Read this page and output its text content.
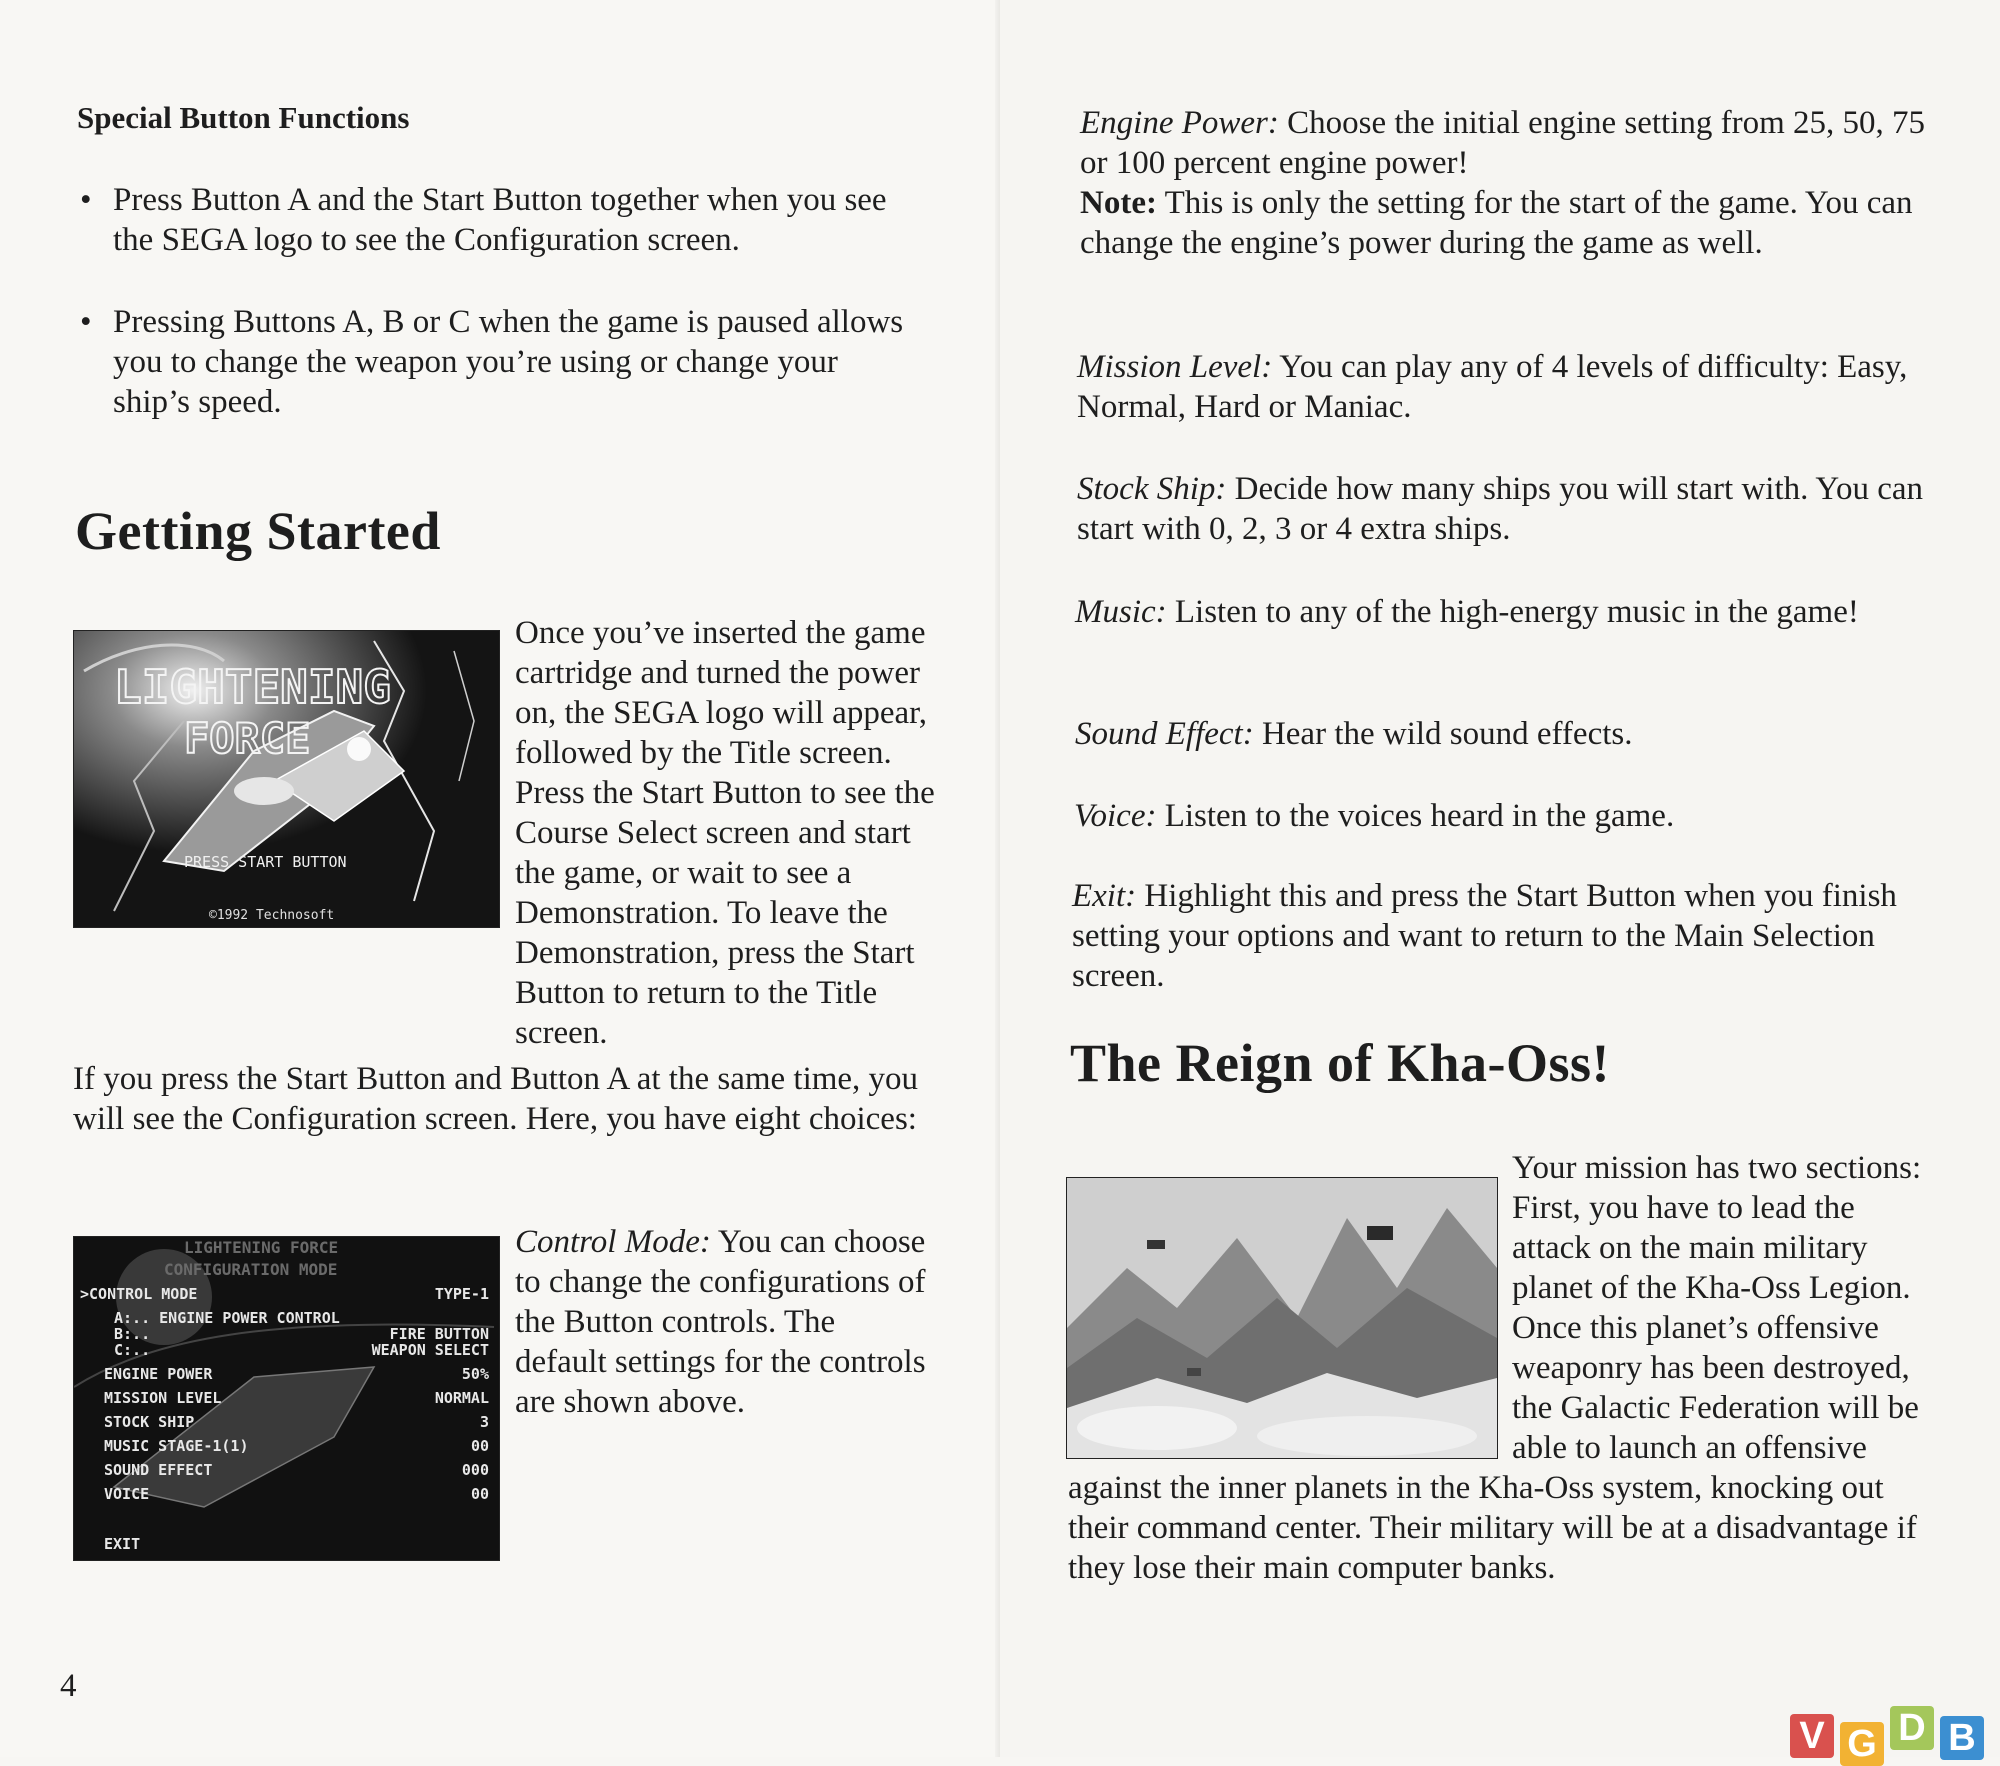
Special Button Functions

• Press Button A and the Start Button together when you see the SEGA logo to see the Configuration screen.
• Pressing Buttons A, B or C when the game is paused allows you to change the weapon you’re using or change your ship’s speed.
Getting Started
LIGHTENING
FORCE
PRESS START BUTTON
©1992 Technosoft

Once you’ve inserted the game cartridge and turned the power on, the SEGA logo will appear, followed by the Title screen. Press the Start Button to see the Course Select screen and start the game, or wait to see a Demonstration. To leave the Demonstration, press the Start Button to return to the Title screen.

If you press the Start Button and Button A at the same time, you will see the Configuration screen. Here, you have eight choices:

LIGHTENING FORCE
CONFIGURATION MODE
>CONTROL MODE	TYPE-1
A:.. ENGINE POWER CONTROL
B:..	FIRE BUTTON
C:..	WEAPON SELECT
ENGINE POWER	50%
MISSION LEVEL	NORMAL
STOCK SHIP	3
MUSIC STAGE-1(1)	00
SOUND EFFECT	000
VOICE	00
EXIT

Control Mode: You can choose to change the configurations of the Button controls. The default settings for the controls are shown above.

4

Engine Power: Choose the initial engine setting from 25, 50, 75 or 100 percent engine power!
Note: This is only the setting for the start of the game. You can change the engine’s power during the game as well.

Mission Level: You can play any of 4 levels of difficulty: Easy, Normal, Hard or Maniac.

Stock Ship: Decide how many ships you will start with. You can start with 0, 2, 3 or 4 extra ships.

Music: Listen to any of the high-energy music in the game!

Sound Effect: Hear the wild sound effects.

Voice: Listen to the voices heard in the game.

Exit: Highlight this and press the Start Button when you finish setting your options and want to return to the Main Selection screen.

The Reign of Kha-Oss!

Your mission has two sections: First, you have to lead the attack on the main military planet of the Kha-Oss Legion. Once this planet’s offensive weaponry has been destroyed, the Galactic Federation will be able to launch an offensive against the inner planets in the Kha-Oss system, knocking out their command center. Their military will be at a disadvantage if they lose their main computer banks.

V G D B
